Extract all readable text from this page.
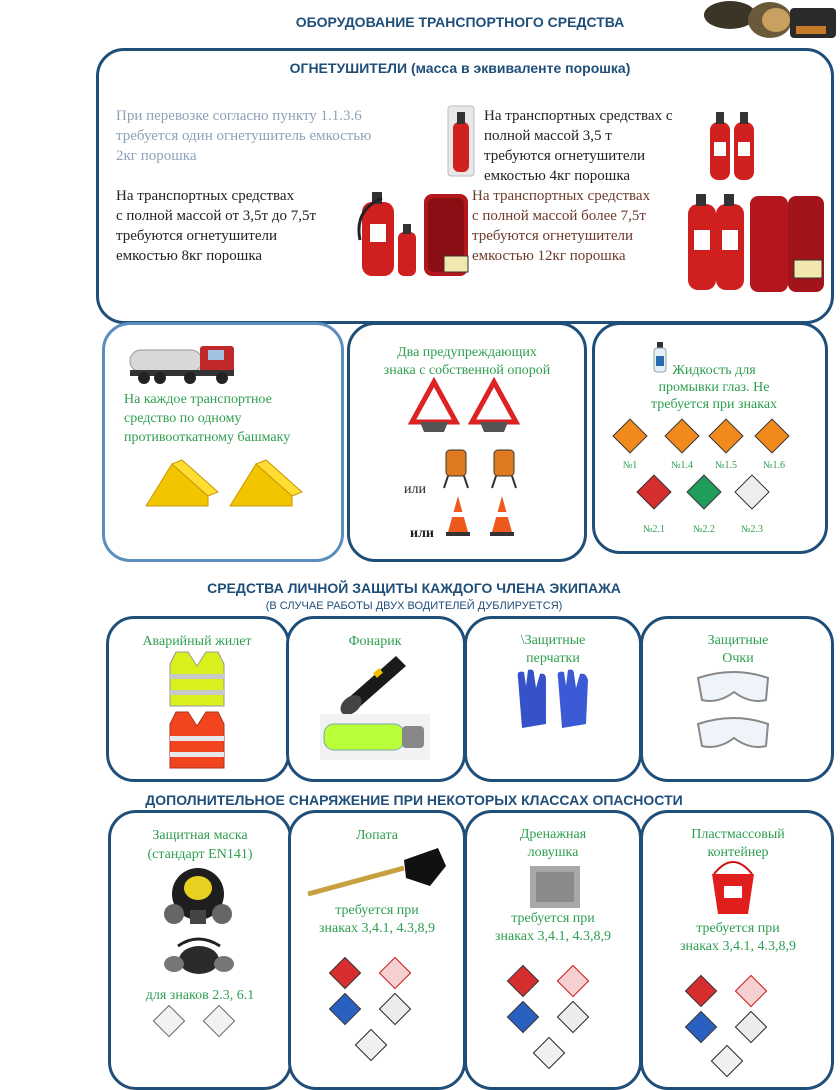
ОБОРУДОВАНИЕ ТРАНСПОРТНОГО СРЕДСТВА
ОГНЕТУШИТЕЛИ (масса в эквиваленте порошка)
При перевозке согласно пункту 1.1.3.6
требуется один огнетушитель емкостью
2кг порошка
На транспортных средствах с
полной массой 3,5 т
требуются огнетушители
емкостью 4кг порошка
На транспортных средствах
с полной массой от 3,5т до 7,5т
требуются огнетушители
емкостью 8кг порошка
На транспортных средствах
с полной массой более 7,5т
требуются огнетушители
емкостью 12кг порошка
На каждое транспортное
средство по одному
противооткатному башмаку
Два предупреждающих
знака с собственной опорой
или
или
Жидкость для
промывки глаз. Не
требуется при знаках
№1	№1.4	№1.5	№1.6
№2.1	№2.2	№2.3
СРЕДСТВА ЛИЧНОЙ ЗАЩИТЫ КАЖДОГО ЧЛЕНА ЭКИПАЖА
(В СЛУЧАЕ РАБОТЫ ДВУХ ВОДИТЕЛЕЙ ДУБЛИРУЕТСЯ)
Аварийный жилет	Фонарик	\Защитные
перчатки
Защитные
Очки
ДОПОЛНИТЕЛЬНОЕ СНАРЯЖЕНИЕ ПРИ НЕКОТОРЫХ КЛАССАХ ОПАСНОСТИ
Защитная маска
(стандарт EN141)
для знаков 2.3, 6.1
Лопата
требуется при
знаках 3,4.1, 4.3,8,9
Дренажная
ловушка
требуется при
знаках 3,4.1, 4.3,8,9
Пластмассовый
контейнер
требуется при
знаках 3,4.1, 4.3,8,9
